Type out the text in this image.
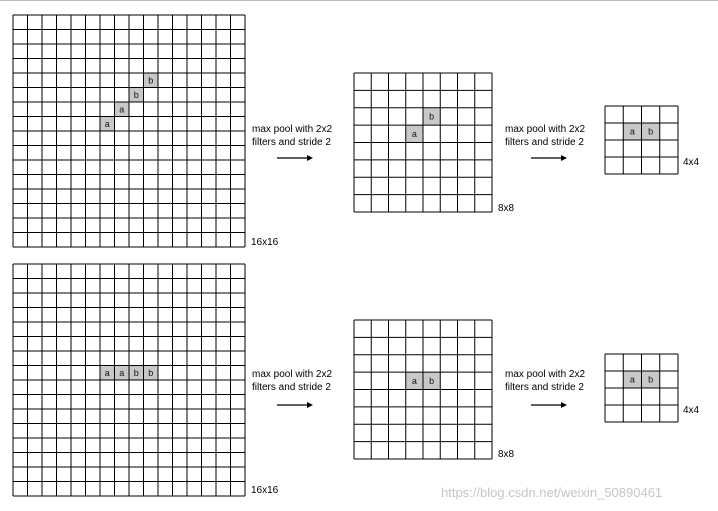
b
b
a
a
16x16
max pool with 2x2
filters and stride 2
b
a
8x8
max pool with 2x2
filters and stride 2
a b
4x4
a a b b
16x16
max pool with 2x2
filters and stride 2
a b
8x8
max pool with 2x2
filters and stride 2
a b
4x4
https://blog.csdn.net/weixin_50890461
